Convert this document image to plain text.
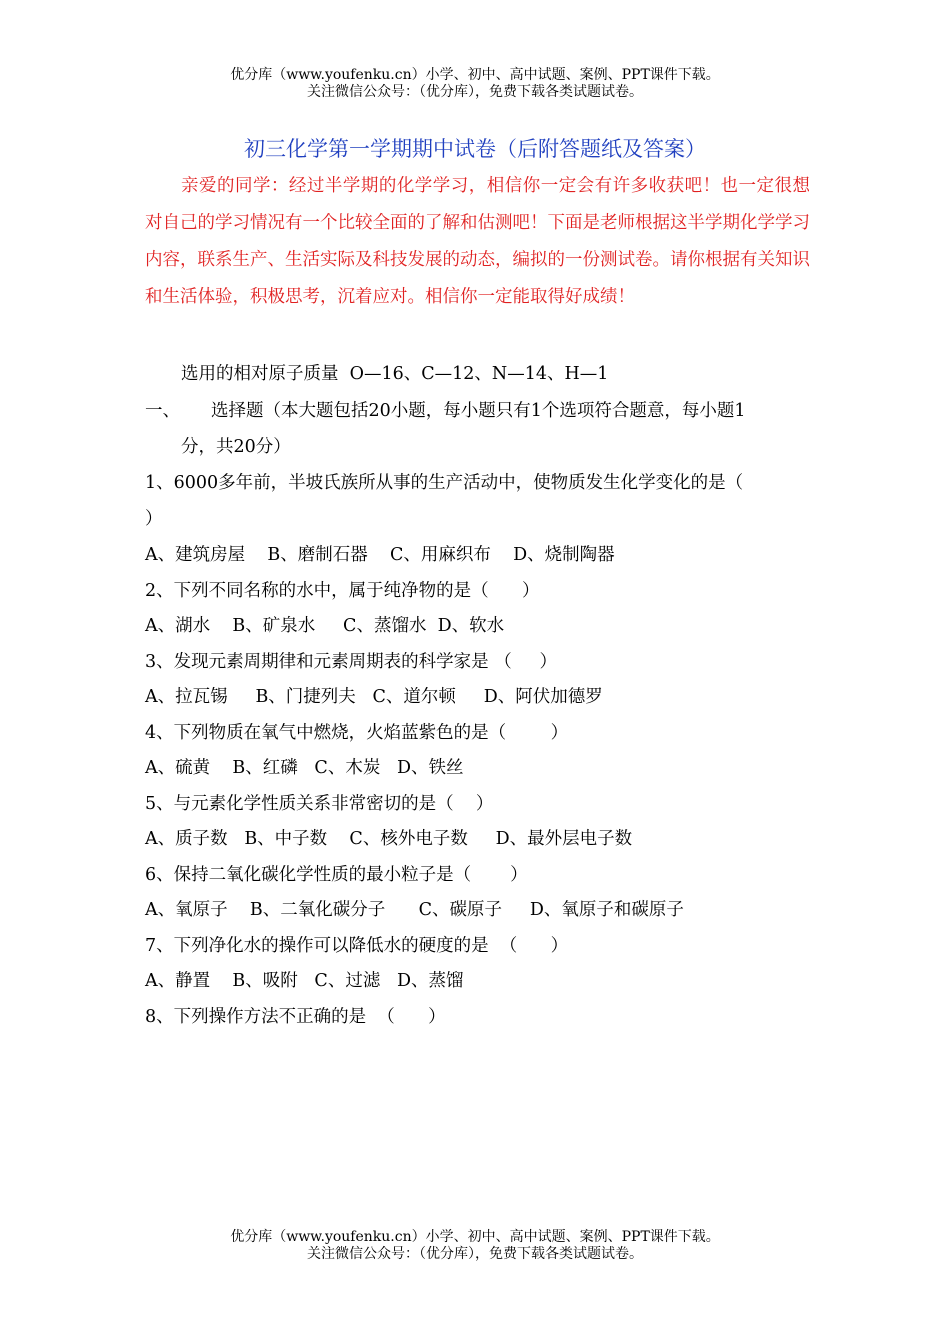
优分库（www.youfenku.cn）小学、初中、高中试题、案例、PPT课件下载。
关注微信公众号：（优分库），免费下载各类试题试卷。
初三化学第一学期期中试卷（后附答题纸及答案）

亲爱的同学：经过半学期的化学学习，相信你一定会有许多收获吧！也一定很想对自己的学习情况有一个比较全面的了解和估测吧！下面是老师根据这半学期化学学习内容，联系生产、生活实际及科技发展的动态，编拟的一份测试卷。请你根据有关知识和生活体验，积极思考，沉着应对。相信你一定能取得好成绩！

选用的相对原子质量  O—16、C—12、N—14、H—1
一、 选择题（本大题包括20小题，每小题只有1个选项符合题意，每小题1
分，共20分）
1、6000多年前，半坡氏族所从事的生产活动中，使物质发生化学变化的是（
）
A、建筑房屋    B、磨制石器    C、用麻织布    D、烧制陶器
2、下列不同名称的水中，属于纯净物的是（      ）
A、湖水    B、矿泉水     C、蒸馏水  D、软水
3、发现元素周期律和元素周期表的科学家是 （     ）
A、拉瓦锡     B、门捷列夫   C、道尔顿     D、阿伏加德罗
4、下列物质在氧气中燃烧，火焰蓝紫色的是（        ）
A、硫黄    B、红磷   C、木炭   D、铁丝
5、与元素化学性质关系非常密切的是（    ）
A、质子数   B、中子数    C、核外电子数     D、最外层电子数
6、保持二氧化碳化学性质的最小粒子是（       ）
A、氧原子    B、二氧化碳分子      C、碳原子     D、氧原子和碳原子
7、下列净化水的操作可以降低水的硬度的是  （      ）
A、静置    B、吸附   C、过滤   D、蒸馏
8、下列操作方法不正确的是  （      ）
优分库（www.youfenku.cn）小学、初中、高中试题、案例、PPT课件下载。
关注微信公众号：（优分库），免费下载各类试题试卷。
